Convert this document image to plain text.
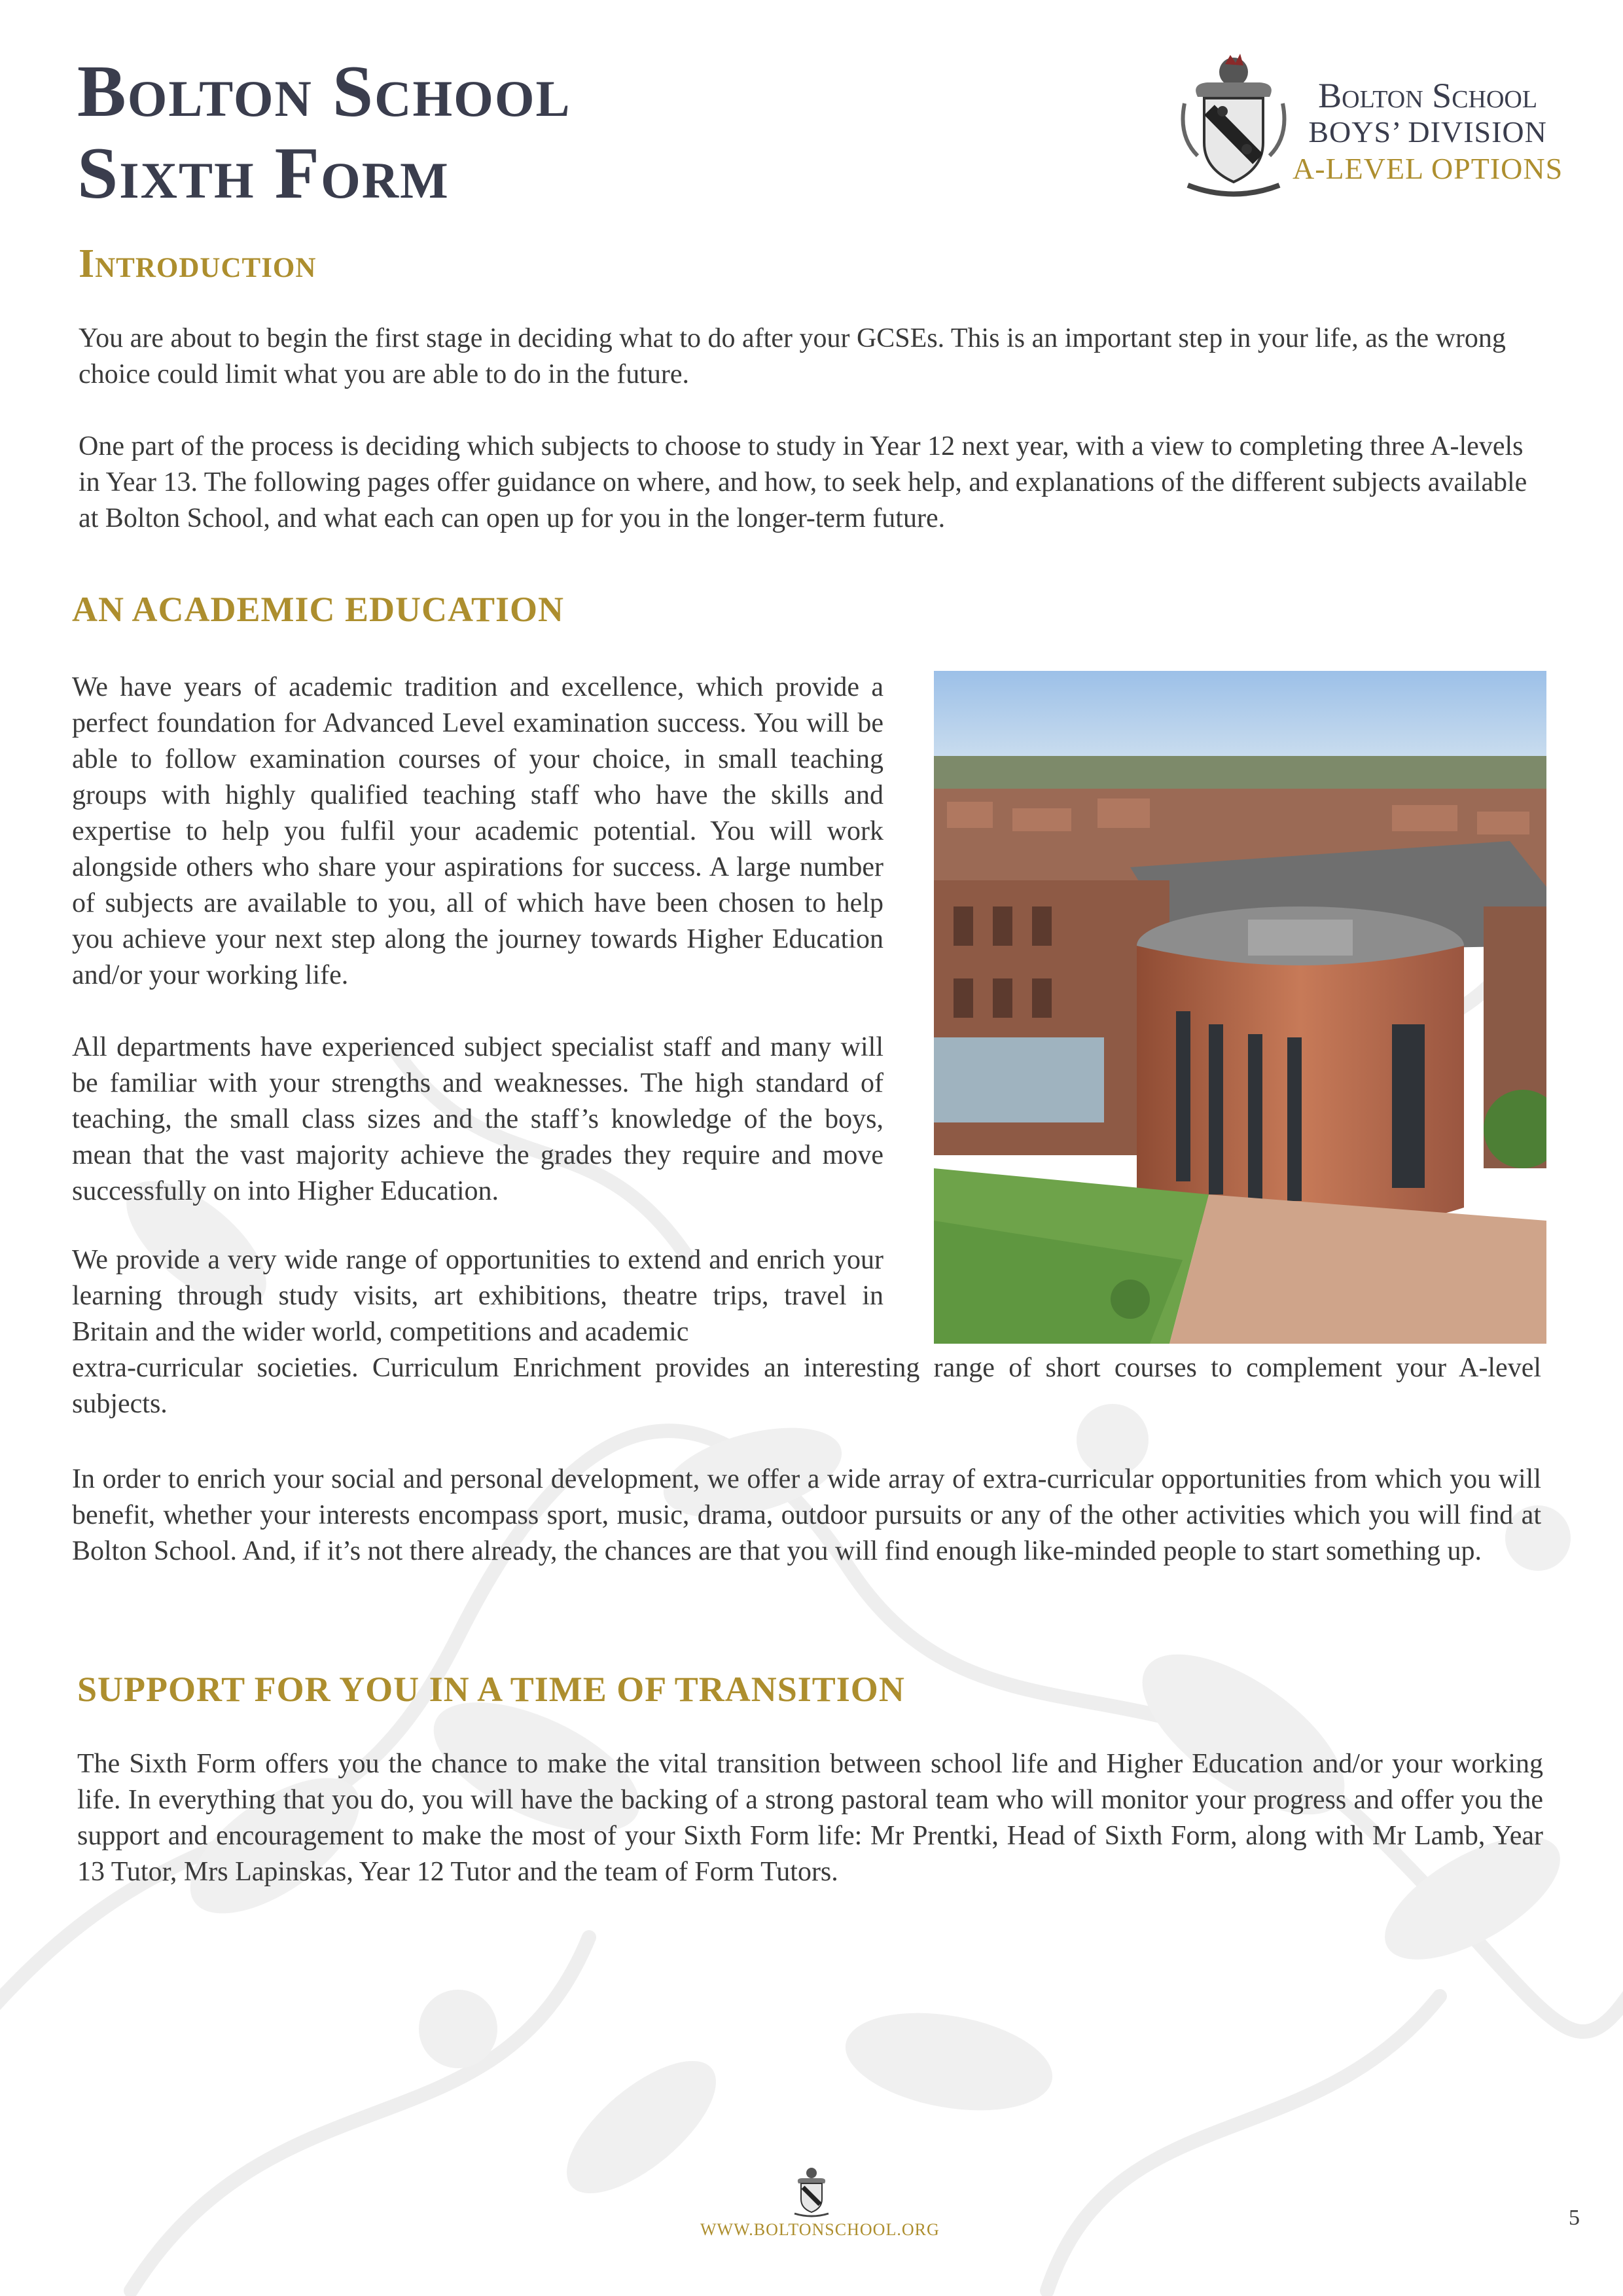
Bolton School
Sixth Form
Bolton School
BOYS’ DIVISION
A-LEVEL OPTIONS
Introduction

You are about to begin the first stage in deciding what to do after your GCSEs. This is an important step in your life, as the wrong choice could limit what you are able to do in the future.

One part of the process is deciding which subjects to choose to study in Year 12 next year, with a view to completing three A-levels in Year 13. The following pages offer guidance on where, and how, to seek help, and explanations of the different subjects available at Bolton School, and what each can open up for you in the longer-term future.

AN ACADEMIC EDUCATION

We have years of academic tradition and excellence, which provide a perfect foundation for Advanced Level examination success. You will be able to follow examination courses of your choice, in small teaching groups with highly qualified teaching staff who have the skills and expertise to help you fulfil your academic potential. You will work alongside others who share your aspirations for success. A large number of subjects are available to you, all of which have been chosen to help you achieve your next step along the journey towards Higher Education and/or your working life.

All departments have experienced subject specialist staff and many will be familiar with your strengths and weaknesses. The high standard of teaching, the small class sizes and the staff’s knowledge of the boys, mean that the vast majority achieve the grades they require and move successfully on into Higher Education.

We provide a very wide range of opportunities to extend and enrich your learning through study visits, art exhibitions, theatre trips, travel in Britain and the wider world, competitions and academic

extra-curricular societies. Curriculum Enrichment provides an interesting range of short courses to complement your A-level subjects.

In order to enrich your social and personal development, we offer a wide array of extra-curricular opportunities from which you will benefit, whether your interests encompass sport, music, drama, outdoor pursuits or any of the other activities which you will find at Bolton School. And, if it’s not there already, the chances are that you will find enough like-minded people to start something up.

SUPPORT FOR YOU IN A TIME OF TRANSITION

The Sixth Form offers you the chance to make the vital transition between school life and Higher Education and/or your working life. In everything that you do, you will have the backing of a strong pastoral team who will monitor your progress and offer you the support and encouragement to make the most of your Sixth Form life: Mr Prentki, Head of Sixth Form, along with Mr Lamb, Year 13 Tutor, Mrs Lapinskas, Year 12 Tutor and the team of Form Tutors.

WWW.BOLTONSCHOOL.ORG	5
